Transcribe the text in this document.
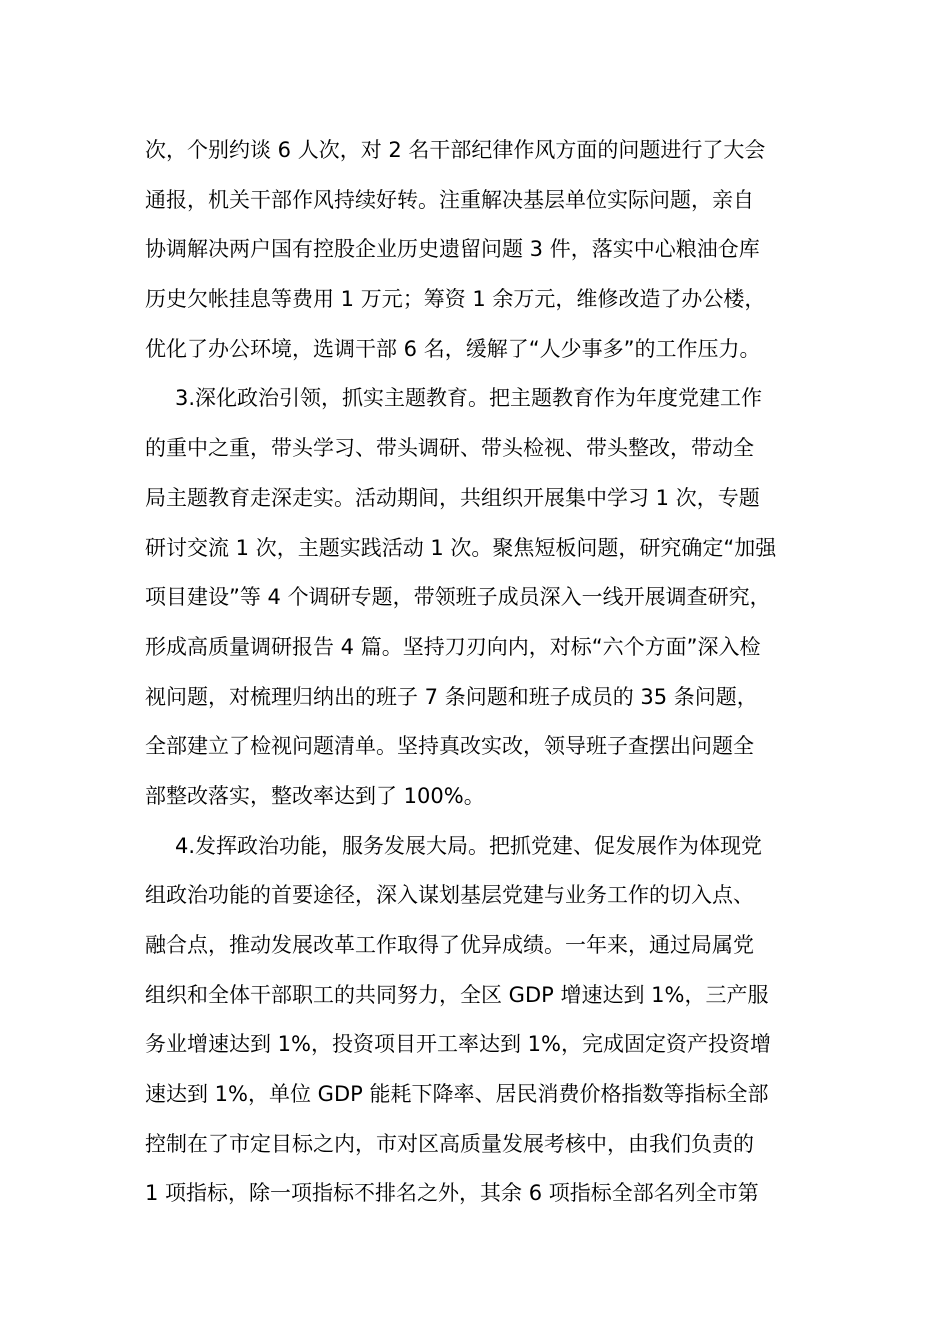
次，个别约谈 6 人次，对 2 名干部纪律作风方面的问题进行了大会
通报，机关干部作风持续好转。注重解决基层单位实际问题，亲自
协调解决两户国有控股企业历史遗留问题 3 件，落实中心粮油仓库
历史欠帐挂息等费用 1 万元；筹资 1 余万元，维修改造了办公楼，
优化了办公环境，选调干部 6 名，缓解了“人少事多”的工作压力。
3.深化政治引领，抓实主题教育。把主题教育作为年度党建工作
的重中之重，带头学习、带头调研、带头检视、带头整改，带动全
局主题教育走深走实。活动期间，共组织开展集中学习 1 次，专题
研讨交流 1 次，主题实践活动 1 次。聚焦短板问题，研究确定“加强
项目建设”等 4 个调研专题，带领班子成员深入一线开展调查研究，
形成高质量调研报告 4 篇。坚持刀刃向内，对标“六个方面”深入检
视问题，对梳理归纳出的班子 7 条问题和班子成员的 35 条问题，
全部建立了检视问题清单。坚持真改实改，领导班子查摆出问题全
部整改落实，整改率达到了 100%。
4.发挥政治功能，服务发展大局。把抓党建、促发展作为体现党
组政治功能的首要途径，深入谋划基层党建与业务工作的切入点、
融合点，推动发展改革工作取得了优异成绩。一年来，通过局属党
组织和全体干部职工的共同努力，全区 GDP 增速达到 1%，三产服
务业增速达到 1%，投资项目开工率达到 1%，完成固定资产投资增
速达到 1%，单位 GDP 能耗下降率、居民消费价格指数等指标全部
控制在了市定目标之内，市对区高质量发展考核中，由我们负责的
1 项指标，除一项指标不排名之外，其余 6 项指标全部名列全市第
